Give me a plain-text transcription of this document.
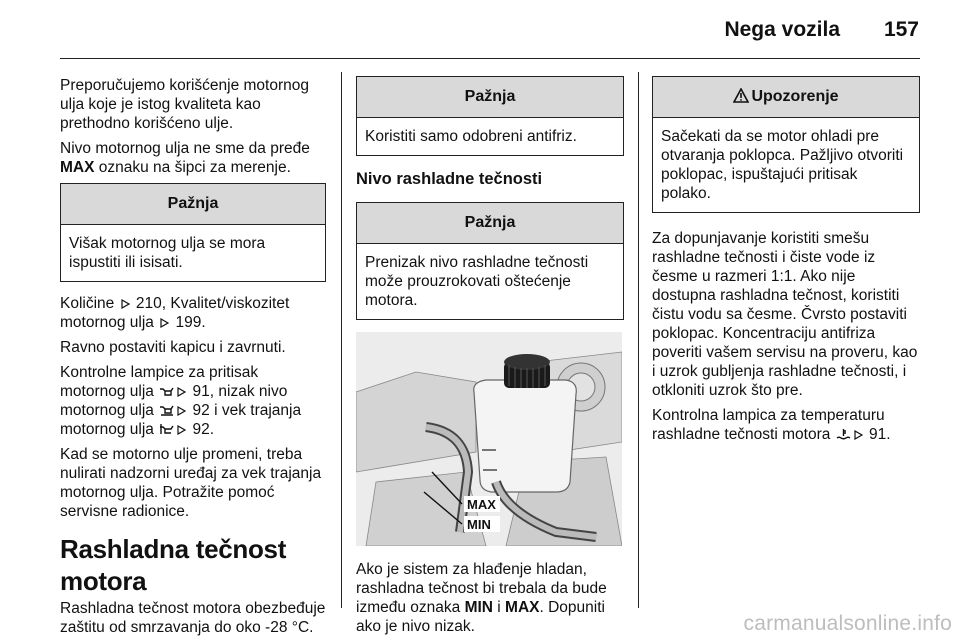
Nega vozila 157

Preporučujemo korišćenje motornog ulja koje je istog kvaliteta kao prethodno korišćeno ulje.

Nivo motornog ulja ne sme da pređe MAX oznaku na šipci za merenje.

Pažnja
Višak motornog ulja se mora ispustiti ili isisati.

Količine  210, Kvalitet/viskozitet motornog ulja  199.

Ravno postaviti kapicu i zavrnuti.

Kontrolne lampice za pritisak motornog ulja  91, nizak nivo motornog ulja  92 i vek trajanja motornog ulja  92.

Kad se motorno ulje promeni, treba nulirati nadzorni uređaj za vek trajanja motornog ulja. Potražite pomoć servisne radionice.

Rashladna tečnost motora

Rashladna tečnost motora obezbeđuje zaštitu od smrzavanja do oko -28 °C.

Pažnja
Koristiti samo odobreni antifriz.
Nivo rashladne tečnosti
Pažnja
Prenizak nivo rashladne tečnosti može prouzrokovati oštećenje motora.
MAX
MIN

Ako je sistem za hlađenje hladan, rashladna tečnost bi trebala da bude između oznaka MIN i MAX. Dopuniti ako je nivo nizak.

Upozorenje
Sačekati da se motor ohladi pre otvaranja poklopca. Pažljivo otvoriti poklopac, ispuštajući pritisak polako.

Za dopunjavanje koristiti smešu rashladne tečnosti i čiste vode iz česme u razmeri 1:1. Ako nije dostupna rashladna tečnost, koristiti čistu vodu sa česme. Čvrsto postaviti poklopac. Koncentraciju antifriza poveriti vašem servisu na proveru, kao i uzrok gubljenja rashladne tečnosti, i otkloniti uzrok što pre.

Kontrolna lampica za temperaturu rashladne tečnosti motora  91.

carmanualsonline.info
